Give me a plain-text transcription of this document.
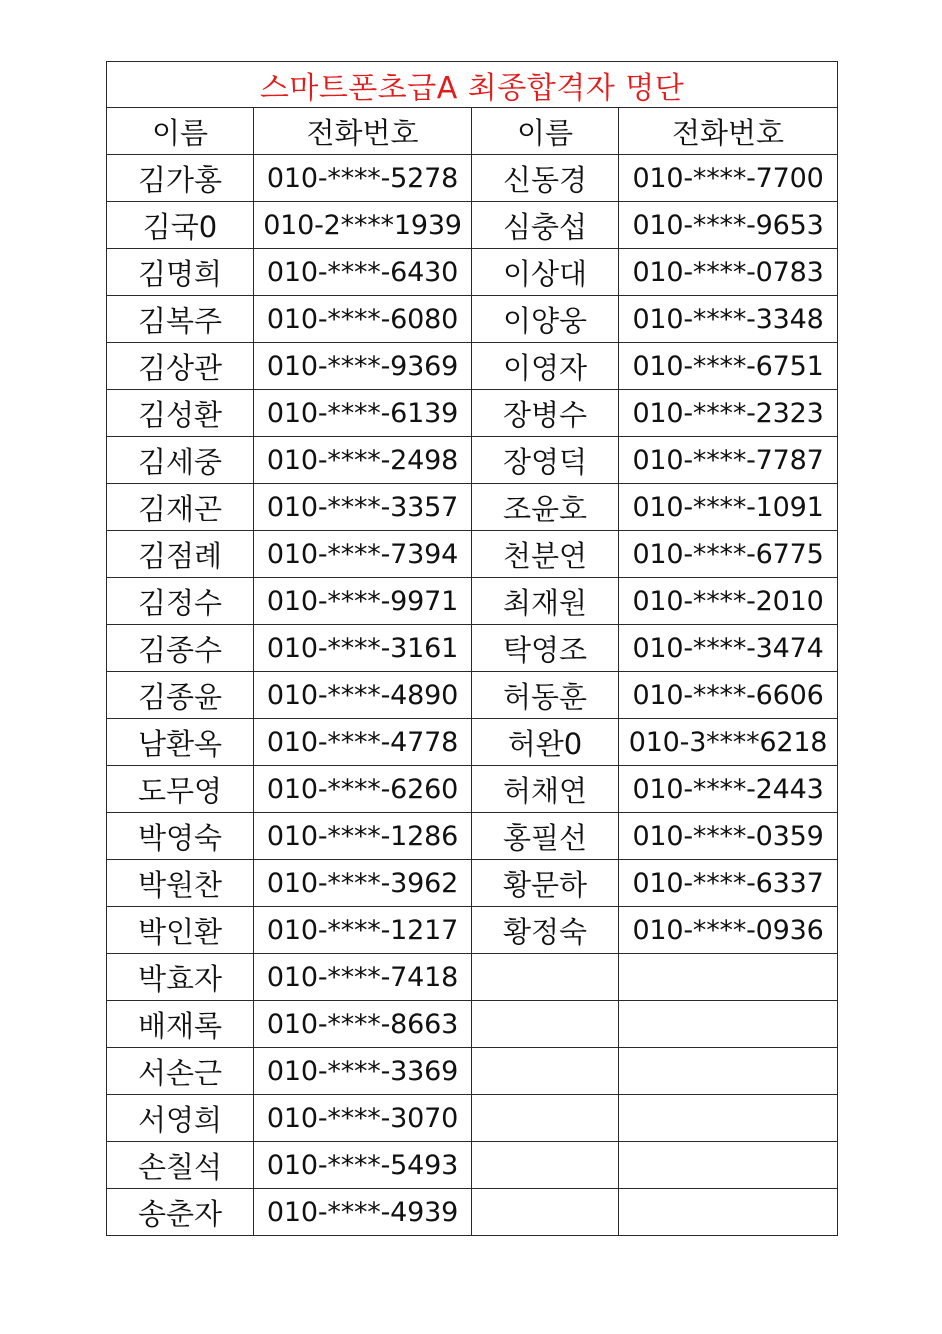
스마트폰초급A 최종합격자 명단			
이름	전화번호	이름	전화번호
김가홍	010-****-5278	신동경	010-****-7700
김국0	010-2****1939	심충섭	010-****-9653
김명희	010-****-6430	이상대	010-****-0783
김복주	010-****-6080	이양웅	010-****-3348
김상관	010-****-9369	이영자	010-****-6751
김성환	010-****-6139	장병수	010-****-2323
김세중	010-****-2498	장영덕	010-****-7787
김재곤	010-****-3357	조윤호	010-****-1091
김점례	010-****-7394	천분연	010-****-6775
김정수	010-****-9971	최재원	010-****-2010
김종수	010-****-3161	탁영조	010-****-3474
김종윤	010-****-4890	허동훈	010-****-6606
남환옥	010-****-4778	허완0	010-3****6218
도무영	010-****-6260	허채연	010-****-2443
박영숙	010-****-1286	홍필선	010-****-0359
박원찬	010-****-3962	황문하	010-****-6337
박인환	010-****-1217	황정숙	010-****-0936
박효자	010-****-7418		
배재록	010-****-8663		
서손근	010-****-3369		
서영희	010-****-3070		
손칠석	010-****-5493		
송춘자	010-****-4939		
